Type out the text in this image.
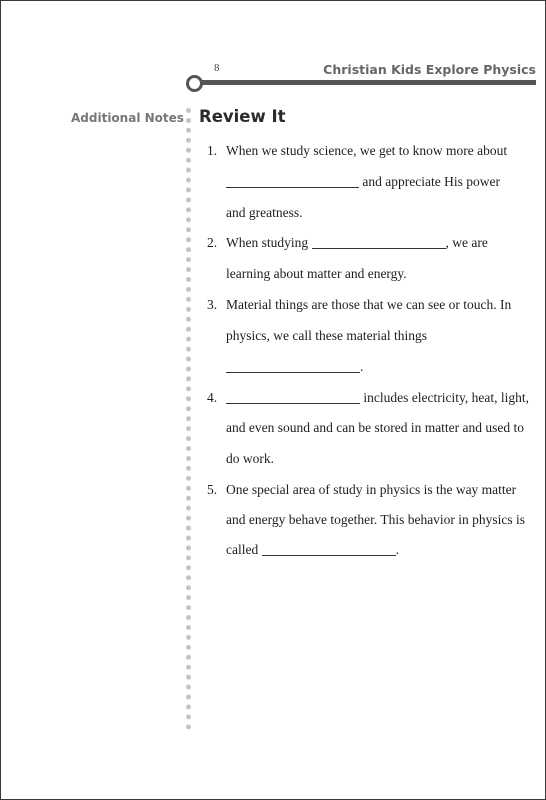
8	Christian Kids Explore Physics
Additional Notes Review It
1. When we study science, we get to know more about
and appreciate His power
and greatness.
2. When studying	, we are
learning about matter and energy.
3. Material things are those that we can see or touch. In
physics, we call these material things
.
4.	includes electricity, heat, light,
and even sound and can be stored in matter and used to
do work.
5. One special area of study in physics is the way matter
and energy behave together. This behavior in physics is
called	.
